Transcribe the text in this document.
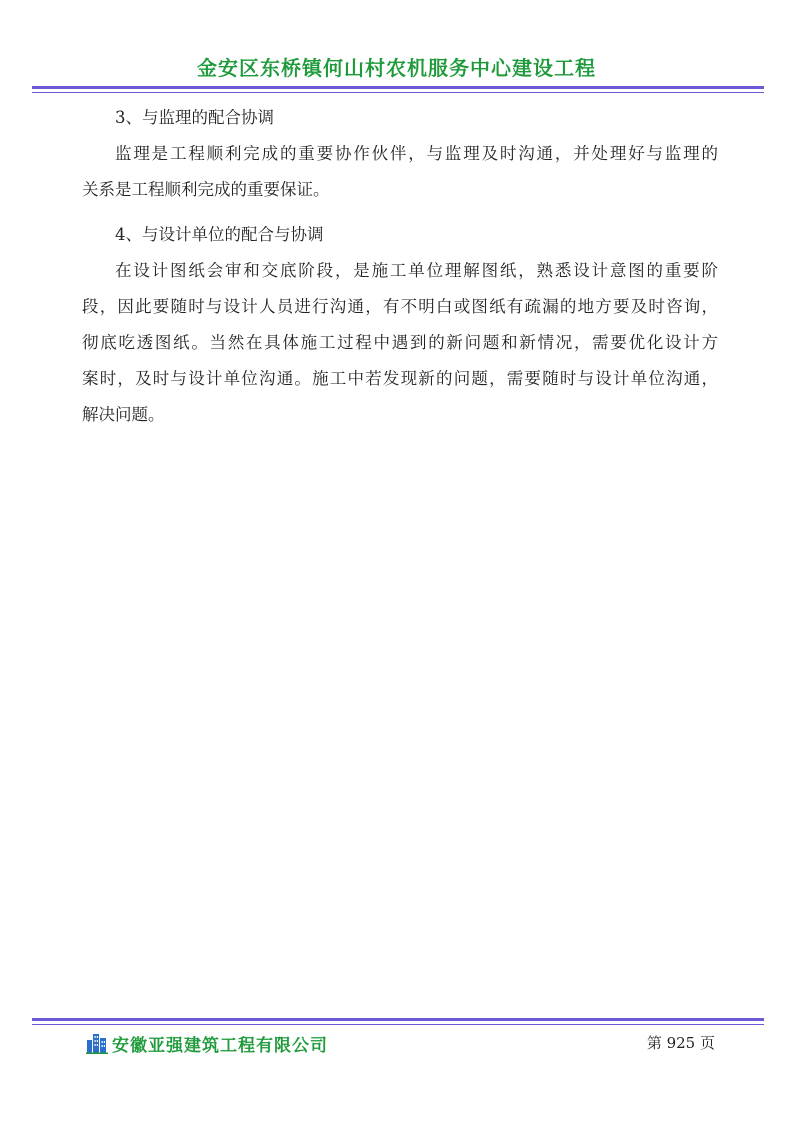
金安区东桥镇何山村农机服务中心建设工程
3、与监理的配合协调
监理是工程顺利完成的重要协作伙伴，与监理及时沟通，并处理好与监理的
关系是工程顺利完成的重要保证。
4、与设计单位的配合与协调
在设计图纸会审和交底阶段，是施工单位理解图纸，熟悉设计意图的重要阶
段，因此要随时与设计人员进行沟通，有不明白或图纸有疏漏的地方要及时咨询，
彻底吃透图纸。当然在具体施工过程中遇到的新问题和新情况，需要优化设计方
案时，及时与设计单位沟通。施工中若发现新的问题，需要随时与设计单位沟通，
解决问题。
安徽亚强建筑工程有限公司	第 925 页
